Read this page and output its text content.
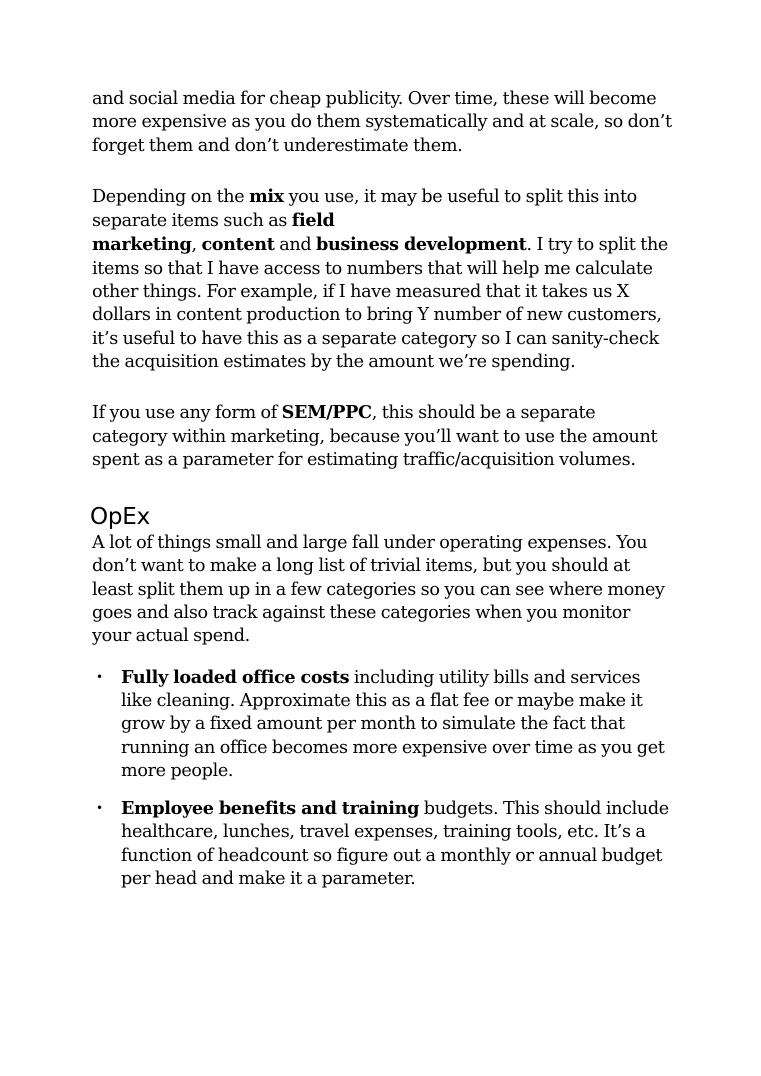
and social media for cheap publicity. Over time, these will become more expensive as you do them systematically and at scale, so don’t forget them and don’t underestimate them.

Depending on the mix you use, it may be useful to split this into separate items such as field
marketing, content and business development. I try to split the items so that I have access to numbers that will help me calculate other things. For example, if I have measured that it takes us X dollars in content production to bring Y number of new customers, it’s useful to have this as a separate category so I can sanity-check the acquisition estimates by the amount we’re spending.

If you use any form of SEM/PPC, this should be a separate category within marketing, because you’ll want to use the amount spent as a parameter for estimating traffic/acquisition volumes.

OpEx

A lot of things small and large fall under operating expenses. You don’t want to make a long list of trivial items, but you should at least split them up in a few categories so you can see where money goes and also track against these categories when you monitor your actual spend.

• Fully loaded office costs including utility bills and services like cleaning. Approximate this as a flat fee or maybe make it grow by a fixed amount per month to simulate the fact that running an office becomes more expensive over time as you get more people.
• Employee benefits and training budgets. This should include healthcare, lunches, travel expenses, training tools, etc. It’s a function of headcount so figure out a monthly or annual budget per head and make it a parameter.
